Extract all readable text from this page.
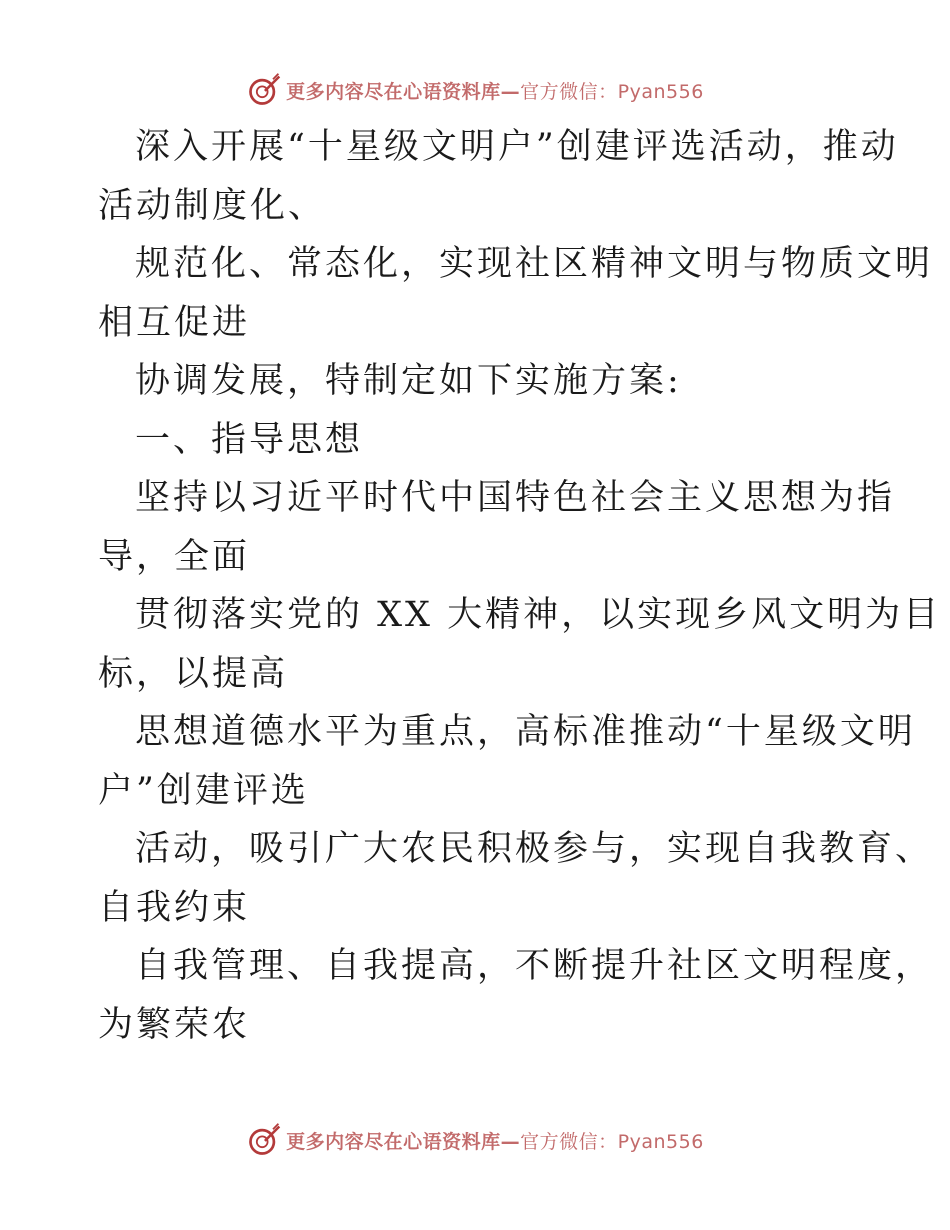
更多内容尽在心语资料库—官方微信：Pyan556
深入开展“十星级文明户”创建评选活动，推动
活动制度化、
规范化、常态化，实现社区精神文明与物质文明
相互促进
协调发展，特制定如下实施方案:
一、指导思想
坚持以习近平时代中国特色社会主义思想为指
导，全面
贯彻落实党的 XX 大精神，以实现乡风文明为目
标，以提高
思想道德水平为重点，高标准推动“十星级文明
户”创建评选
活动，吸引广大农民积极参与，实现自我教育、
自我约束
自我管理、自我提高，不断提升社区文明程度，
为繁荣农
更多内容尽在心语资料库—官方微信：Pyan556
